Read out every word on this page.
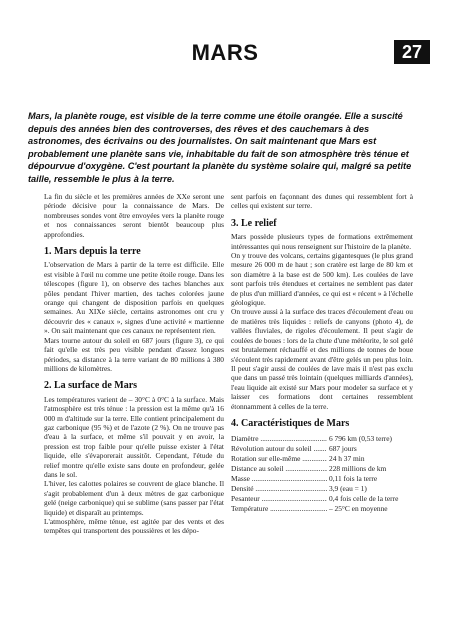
MARS	27
Mars, la planète rouge, est visible de la terre comme une étoile orangée. Elle a suscité depuis des années bien des controverses, des rêves et des cauchemars à des astronomes, des écrivains ou des journalistes. On sait maintenant que Mars est probablement une planète sans vie, inhabitable du fait de son atmosphère très ténue et dépourvue d'oxygène. C'est pourtant la planète du système solaire qui, malgré sa petite taille, ressemble le plus à la terre.

La fin du siècle et les premières années de XXe seront une période décisive pour la connaissance de Mars. De nombreuses sondes vont être envoyées vers la planète rouge et nos connaissances seront bientôt beaucoup plus approfondies.

1. Mars depuis la terre

L'observation de Mars à partir de la terre est difficile. Elle est visible à l'œil nu comme une petite étoile rouge. Dans les télescopes (figure 1), on observe des taches blanches aux pôles pendant l'hiver martien, des taches colorées jaune orange qui changent de disposition parfois en quelques semaines. Au XIXe siècle, certains astronomes ont cru y découvrir des « canaux », signes d'une activité « martienne ». On sait maintenant que ces canaux ne représentent rien.

Mars tourne autour du soleil en 687 jours (figure 3), ce qui fait qu'elle est très peu visible pendant d'assez longues périodes, sa distance à la terre variant de 80 millions à 380 millions de kilomètres.

2. La surface de Mars

Les températures varient de – 30°C à 0°C à la surface. Mais l'atmosphère est très ténue : la pression est la même qu'à 16 000 m d'altitude sur la terre. Elle contient principalement du gaz carbonique (95 %) et de l'azote (2 %). On ne trouve pas d'eau à la surface, et même s'il pouvait y en avoir, la pression est trop faible pour qu'elle puisse exister à l'état liquide, elle s'évaporerait aussitôt. Cependant, l'étude du relief montre qu'elle existe sans doute en profondeur, gelée dans le sol.

L'hiver, les calottes polaires se couvrent de glace blanche. Il s'agit probablement d'un à deux mètres de gaz carbonique gelé (neige carbonique) qui se sublime (sans passer par l'état liquide) et disparaît au printemps.

L'atmosphère, même ténue, est agitée par des vents et des tempêtes qui transportent des poussières et les dépo-

sent parfois en façonnant des dunes qui ressemblent fort à celles qui existent sur terre.

3. Le relief

Mars possède plusieurs types de formations extrêmement intéressantes qui nous renseignent sur l'histoire de la planète.

On y trouve des volcans, certains gigantesques (le plus grand mesure 26 000 m de haut ; son cratère est large de 80 km et son diamètre à la base est de 500 km). Les coulées de lave sont parfois très étendues et certaines ne semblent pas dater de plus d'un milliard d'années, ce qui est « récent » à l'échelle géologique.

On trouve aussi à la surface des traces d'écoulement d'eau ou de matières très liquides : reliefs de canyons (photo 4), de vallées fluviales, de rigoles d'écoulement. Il peut s'agir de coulées de boues : lors de la chute d'une météorite, le sol gelé est brutalement réchauffé et des millions de tonnes de boue s'écoulent très rapidement avant d'être gelés un peu plus loin. Il peut s'agir aussi de coulées de lave mais il n'est pas exclu que dans un passé très lointain (quelques milliards d'années), l'eau liquide ait existé sur Mars pour modeler sa surface et y laisser ces formations dont certaines ressemblent étonnamment à celles de la terre.

4. Caractéristiques de Mars
Diamètre .....	6 796 km (0,53 terre)
Révolution autour du soleil .....	687 jours
Rotation sur elle-même .....	24 h 37 min
Distance au soleil .....	228 millions de km
Masse .....	0,11 fois la terre
Densité .....	3,9 (eau = 1)
Pesanteur .....	0,4 fois celle de la terre
Température .....	– 25°C en moyenne
